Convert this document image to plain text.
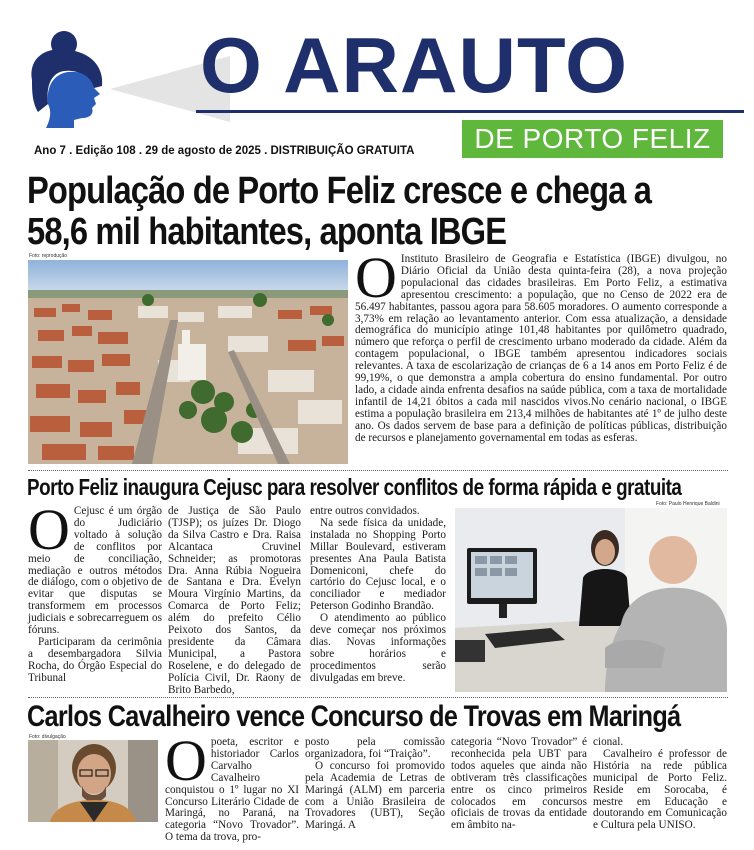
O ARAUTO
DE PORTO FELIZ
Ano 7 . Edição 108 . 29 de agosto de 2025 . DISTRIBUIÇÃO GRATUITA
População de Porto Feliz cresce e chega a
58,6 mil habitantes, aponta IBGE
Foto: reprodução	O Instituto Brasileiro de Geografia e Estatística (IBGE) divulgou, no Diário Oficial da União desta quinta-feira (28), a nova projeção populacional das cidades brasileiras. Em Porto Feliz, a estimativa apresentou crescimento: a população, que no Censo de 2022 era de 56.497 habitantes, passou agora para 58.605 moradores. O aumento corresponde a 3,73% em relação ao levantamento anterior. Com essa atualização, a densidade demográfica do município atinge 101,48 habitantes por quilômetro quadrado, número que reforça o perfil de crescimento urbano moderado da cidade. Além da contagem populacional, o IBGE também apresentou indicadores sociais relevantes. A taxa de escolarização de crianças de 6 a 14 anos em Porto Feliz é de 99,19%, o que demonstra a ampla cobertura do ensino fundamental. Por outro lado, a cidade ainda enfrenta desafios na saúde pública, com a taxa de mortalidade infantil de 14,21 óbitos a cada mil nascidos vivos.No cenário nacional, o IBGE estima a população brasileira em 213,4 milhões de habitantes até 1º de julho deste ano. Os dados servem de base para a definição de políticas públicas, distribuição de recursos e planejamento governamental em todas as esferas.
Porto Feliz inaugura Cejusc para resolver conflitos de forma rápida e gratuita
O Cejusc é um órgão do Judiciário voltado à solução de conflitos por meio de conciliação, mediação e outros métodos de diálogo, com o objetivo de evitar que disputas se transformem em processos judiciais e sobrecarreguem os fóruns.

Participaram da cerimônia a desembargadora Silvia Rocha, do Órgão Especial do Tribunal

de Justiça de São Paulo (TJSP); os juízes Dr. Diogo da Silva Castro e Dra. Raisa Alcantaca Cruvinel Schneider; as promotoras Dra. Anna Rúbia Nogueira de Santana e Dra. Evelyn Moura Virgínio Martins, da Comarca de Porto Feliz; além do prefeito Célio Peixoto dos Santos, da presidente da Câmara Municipal, a Pastora Roselene, e do delegado de Polícia Civil, Dr. Raony de Brito Barbedo,
entre outros convidados.

Na sede física da unidade, instalada no Shopping Porto Millar Boulevard, estiveram presentes Ana Paula Batista Domeniconi, chefe do cartório do Cejusc local, e o conciliador e mediador Peterson Godinho Brandão.

O atendimento ao público deve começar nos próximos dias. Novas informações sobre horários e procedimentos serão divulgadas em breve.

Foto: Paulo Henrique Baldini
Carlos Cavalheiro vence Concurso de Trovas em Maringá
Foto: divulgação O poeta, escritor e historiador Carlos Carvalho Cavalheiro conquistou o 1º lugar no XI Concurso Literário Cidade de Maringá, no Paraná, na categoria “Novo Trovador”. O tema da trova, pro-
posto pela comissão organizadora, foi “Traição”.

O concurso foi promovido pela Academia de Letras de Maringá (ALM) em parceria com a União Brasileira de Trovadores (UBT), Seção Maringá. A

categoria “Novo Trovador” é reconhecida pela UBT para todos aqueles que ainda não obtiveram três classificações entre os cinco primeiros colocados em concursos oficiais de trovas da entidade em âmbito na-
cional.

Cavalheiro é professor de História na rede pública municipal de Porto Feliz. Reside em Sorocaba, é mestre em Educação e doutorando em Comunicação e Cultura pela UNISO.
